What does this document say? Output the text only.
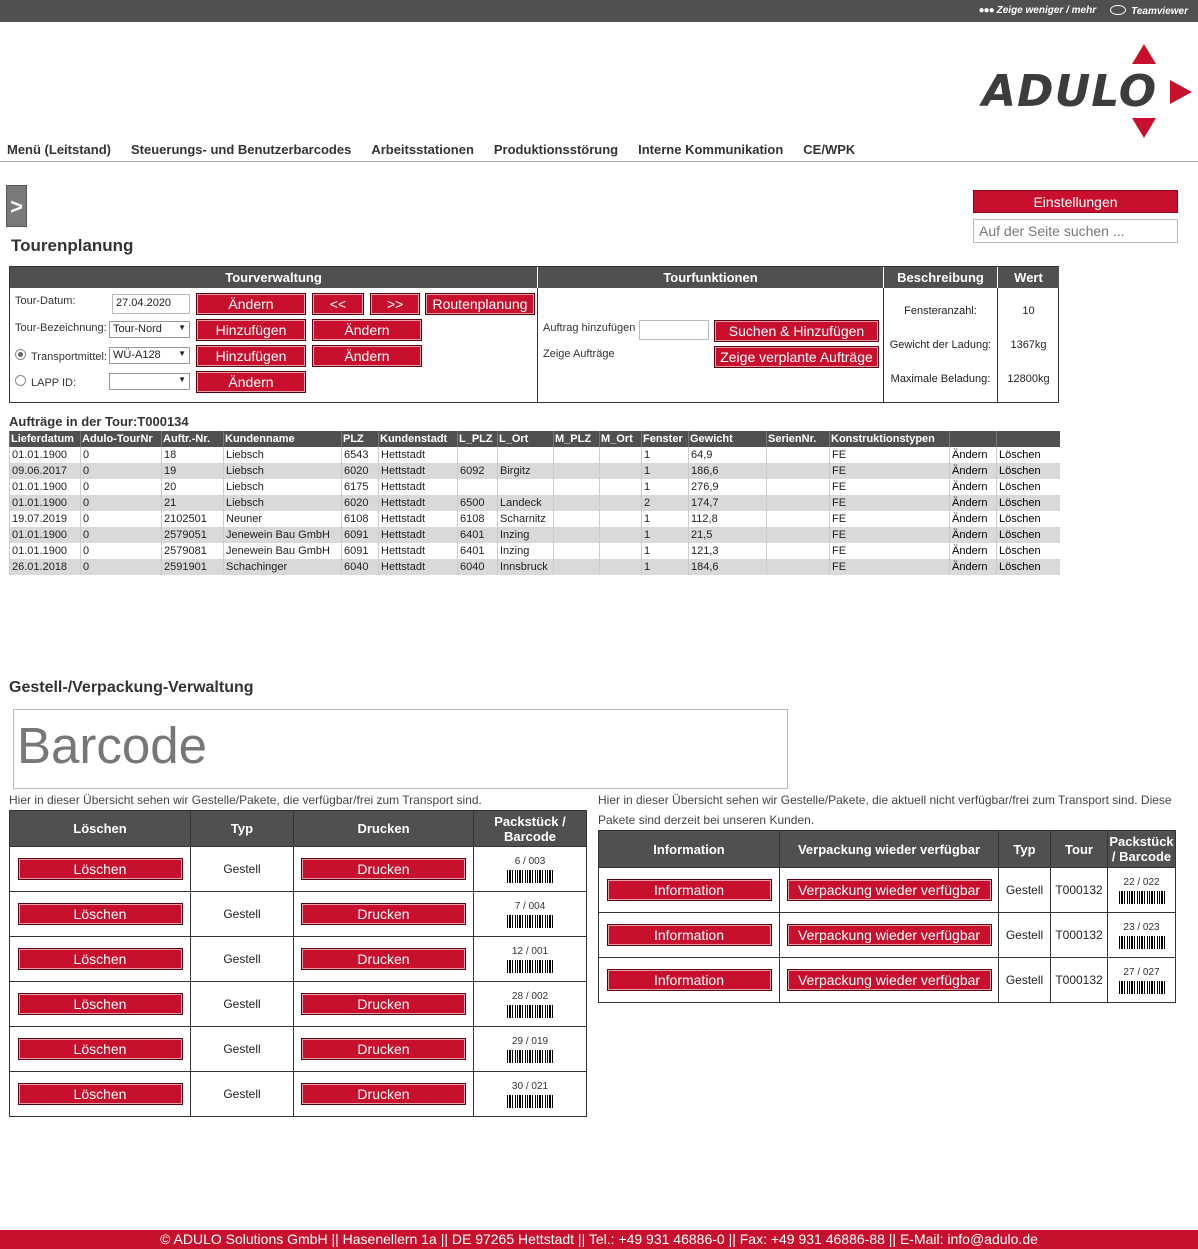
●●● Zeige weniger / mehr	Teamviewer
ADULO
Menü (Leitstand) Steuerungs- und Benutzerbarcodes Arbeitsstationen Produktionsstörung Interne Kommunikation CE/WPK
>	Einstellungen
Auf der Seite suchen ...
Tourenplanung
Tourverwaltung	Tourfunktionen	Beschreibung	Wert
Tour-Datum:	27.04.2020	Ändern	<<	>>	Routenplanung
Tour-Bezeichnung: Tour-Nord ▼	Hinzufügen	Ändern
Transportmittel: WÜ-A128 ▼	Hinzufügen	Ändern
LAPP ID:	▼	Ändern
Auftrag hinzufügen	Suchen & Hinzufügen
Zeige Aufträge	Zeige verplante Aufträge
Fensteranzahl:	10
Gewicht der Ladung:	1367kg
Maximale Beladung:	12800kg
Aufträge in der Tour:T000134
Lieferdatum	Adulo-TourNr	Auftr.-Nr.	Kundenname	PLZ	Kundenstadt	L_PLZ	L_Ort	M_PLZ	M_Ort	Fenster	Gewicht	SerienNr.	Konstruktionstypen		
01.01.1900	0	18	Liebsch	6543	Hettstadt					1	64,9		FE	Ändern	Löschen
09.06.2017	0	19	Liebsch	6020	Hettstadt	6092	Birgitz			1	186,6		FE	Ändern	Löschen
01.01.1900	0	20	Liebsch	6175	Hettstadt					1	276,9		FE	Ändern	Löschen
01.01.1900	0	21	Liebsch	6020	Hettstadt	6500	Landeck			2	174,7		FE	Ändern	Löschen
19.07.2019	0	2102501	Neuner	6108	Hettstadt	6108	Scharnitz			1	112,8		FE	Ändern	Löschen
01.01.1900	0	2579051	Jenewein Bau GmbH	6091	Hettstadt	6401	Inzing			1	21,5		FE	Ändern	Löschen
01.01.1900	0	2579081	Jenewein Bau GmbH	6091	Hettstadt	6401	Inzing			1	121,3		FE	Ändern	Löschen
26.01.2018	0	2591901	Schachinger	6040	Hettstadt	6040	Innsbruck			1	184,6		FE	Ändern	Löschen
Gestell-/Verpackung-Verwaltung
Barcode
Hier in dieser Übersicht sehen wir Gestelle/Pakete, die verfügbar/frei zum Transport sind.	Hier in dieser Übersicht sehen wir Gestelle/Pakete, die aktuell nicht verfügbar/frei zum Transport sind. Diese Pakete sind derzeit bei unseren Kunden.
Löschen	Typ	Drucken	Packstück / Barcode

Löschen	Gestell	Drucken	6 / 003

Löschen	Gestell	Drucken	7 / 004

Löschen	Gestell	Drucken	12 / 001

Löschen	Gestell	Drucken	28 / 002

Löschen	Gestell	Drucken	29 / 019

Löschen	Gestell	Drucken	30 / 021
Information	Verpackung wieder verfügbar	Typ	Tour	Packstück / Barcode

Information	Verpackung wieder verfügbar	Gestell	T000132	22 / 022

Information	Verpackung wieder verfügbar	Gestell	T000132	23 / 023

Information	Verpackung wieder verfügbar	Gestell	T000132	27 / 027
© ADULO Solutions GmbH || Hasenellern 1a || DE 97265 Hettstadt || Tel.: +49 931 46886-0 || Fax: +49 931 46886-88 || E-Mail: info@adulo.de
